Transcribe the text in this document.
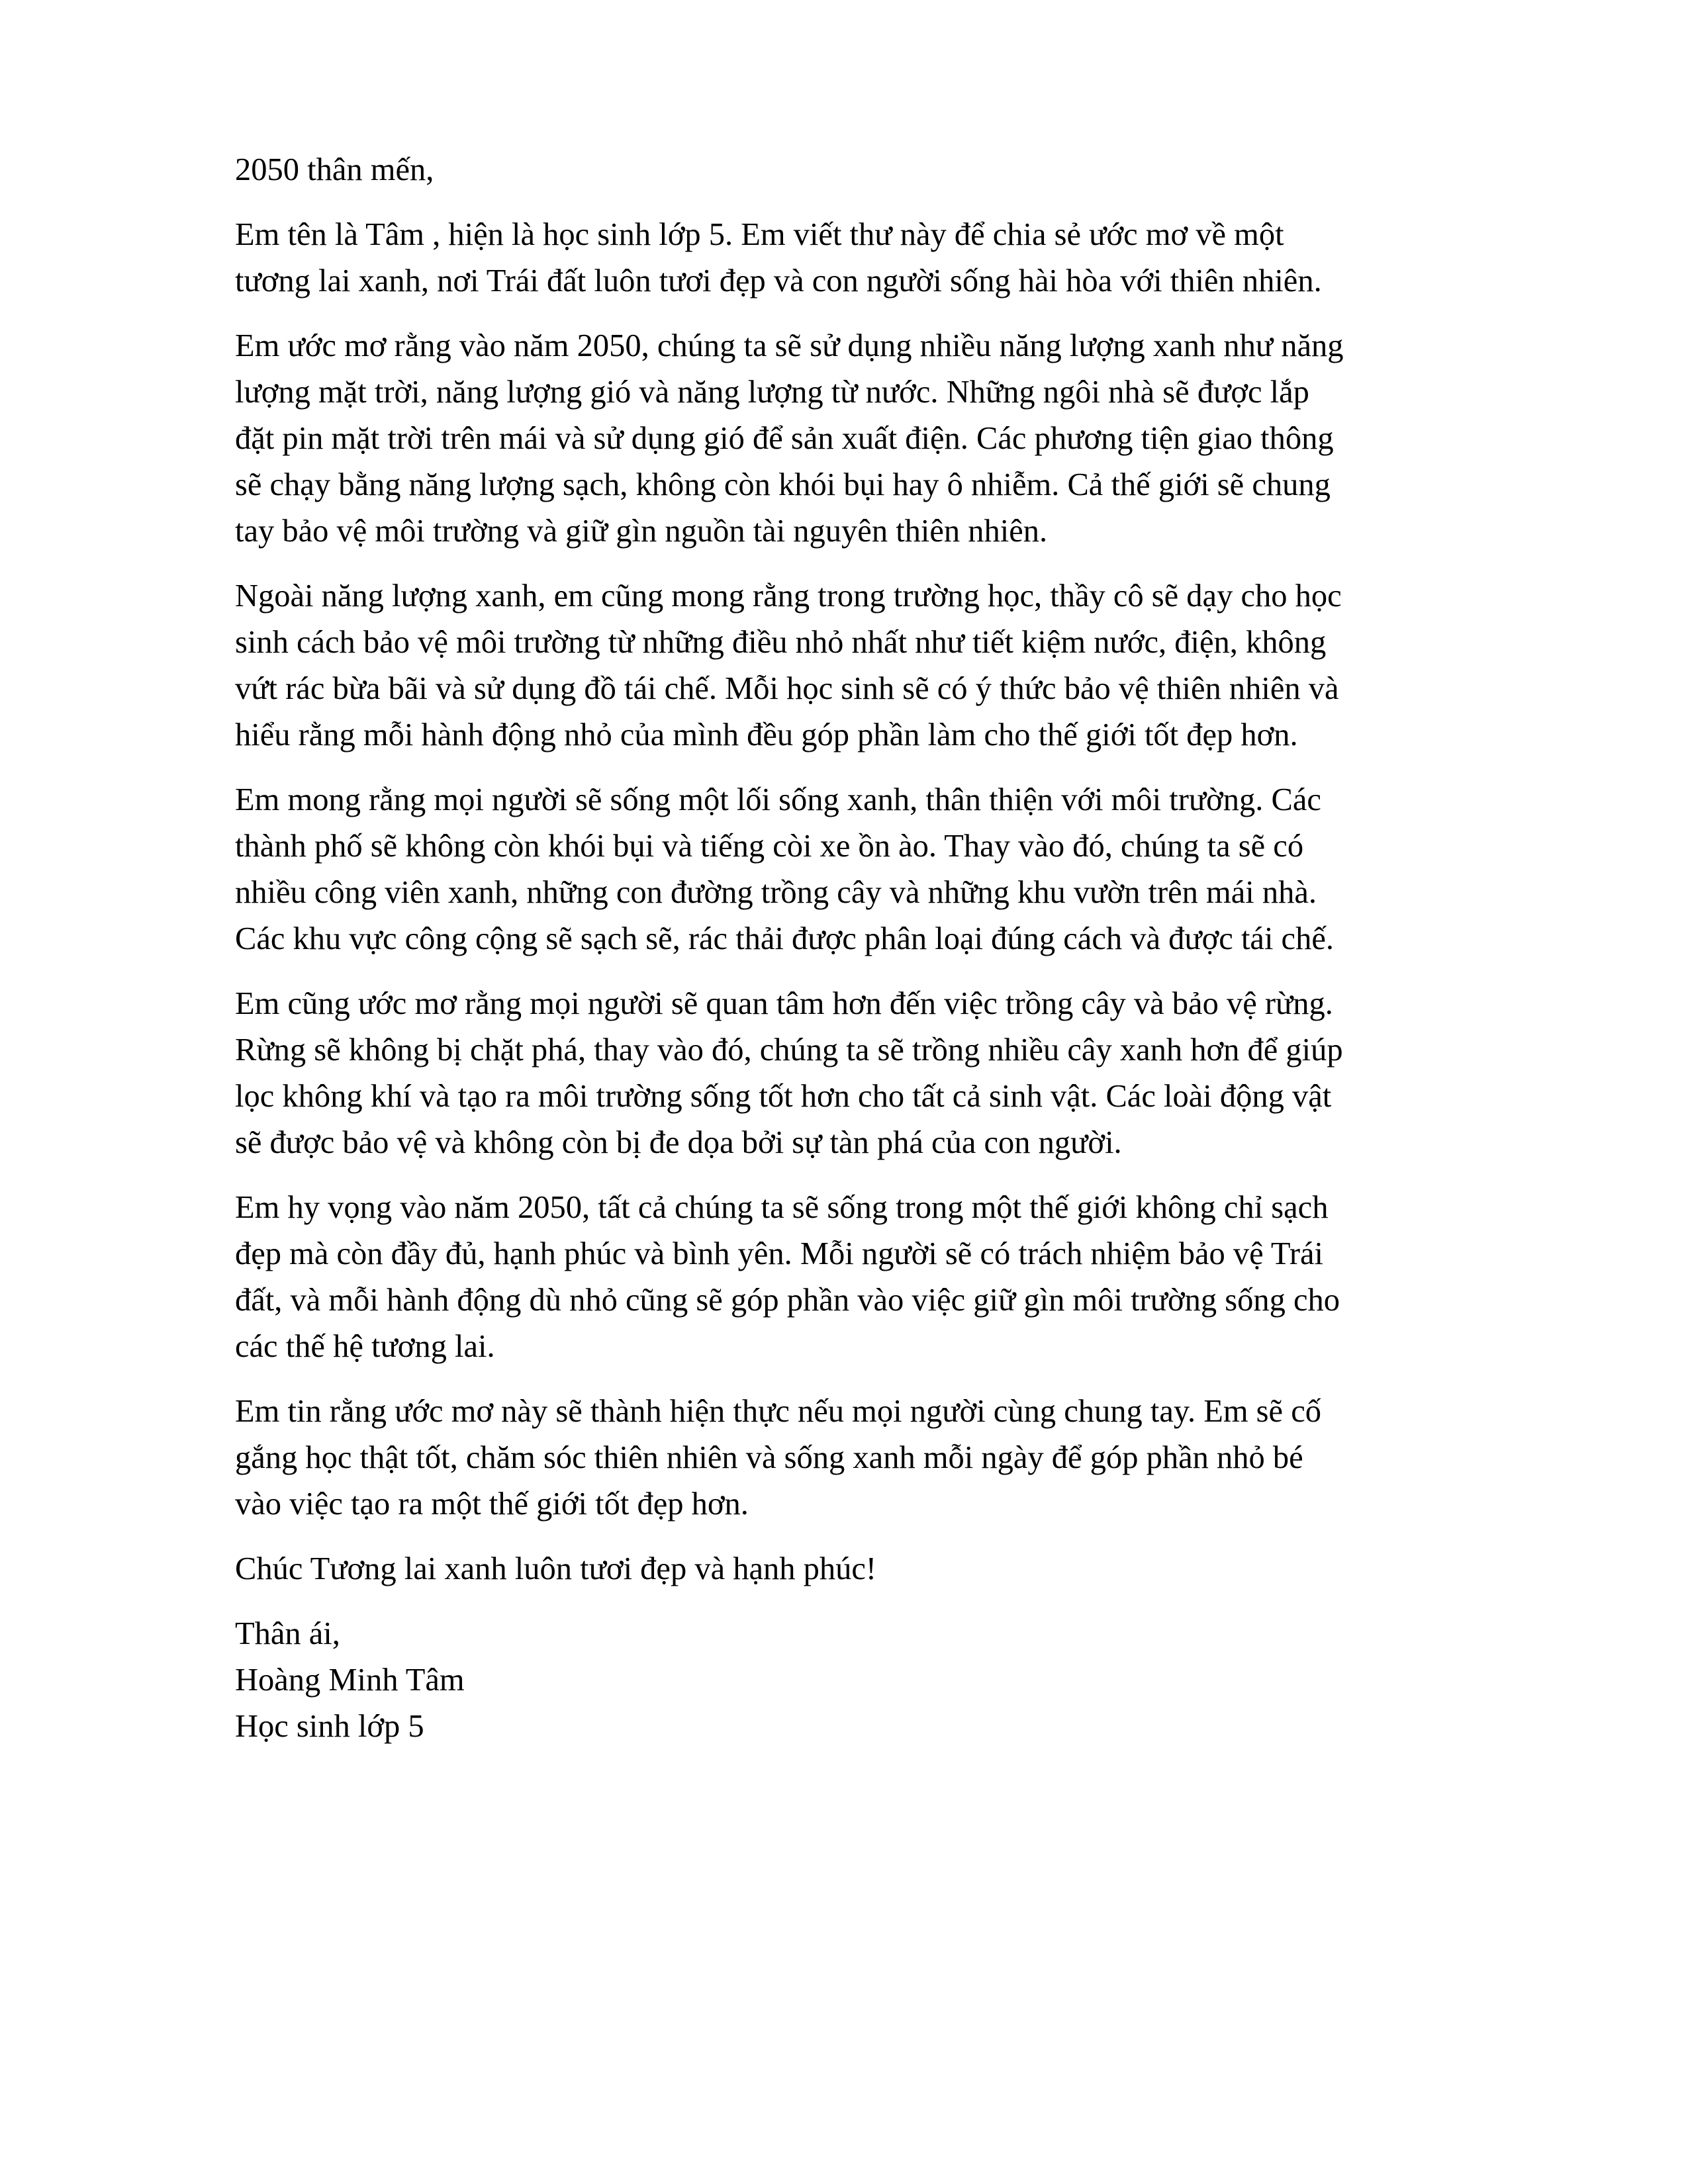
2050 thân mến,

Em tên là Tâm , hiện là học sinh lớp 5. Em viết thư này để chia sẻ ước mơ về một
tương lai xanh, nơi Trái đất luôn tươi đẹp và con người sống hài hòa với thiên nhiên.

Em ước mơ rằng vào năm 2050, chúng ta sẽ sử dụng nhiều năng lượng xanh như năng
lượng mặt trời, năng lượng gió và năng lượng từ nước. Những ngôi nhà sẽ được lắp
đặt pin mặt trời trên mái và sử dụng gió để sản xuất điện. Các phương tiện giao thông
sẽ chạy bằng năng lượng sạch, không còn khói bụi hay ô nhiễm. Cả thế giới sẽ chung
tay bảo vệ môi trường và giữ gìn nguồn tài nguyên thiên nhiên.

Ngoài năng lượng xanh, em cũng mong rằng trong trường học, thầy cô sẽ dạy cho học
sinh cách bảo vệ môi trường từ những điều nhỏ nhất như tiết kiệm nước, điện, không
vứt rác bừa bãi và sử dụng đồ tái chế. Mỗi học sinh sẽ có ý thức bảo vệ thiên nhiên và
hiểu rằng mỗi hành động nhỏ của mình đều góp phần làm cho thế giới tốt đẹp hơn.

Em mong rằng mọi người sẽ sống một lối sống xanh, thân thiện với môi trường. Các
thành phố sẽ không còn khói bụi và tiếng còi xe ồn ào. Thay vào đó, chúng ta sẽ có
nhiều công viên xanh, những con đường trồng cây và những khu vườn trên mái nhà.
Các khu vực công cộng sẽ sạch sẽ, rác thải được phân loại đúng cách và được tái chế.

Em cũng ước mơ rằng mọi người sẽ quan tâm hơn đến việc trồng cây và bảo vệ rừng.
Rừng sẽ không bị chặt phá, thay vào đó, chúng ta sẽ trồng nhiều cây xanh hơn để giúp
lọc không khí và tạo ra môi trường sống tốt hơn cho tất cả sinh vật. Các loài động vật
sẽ được bảo vệ và không còn bị đe dọa bởi sự tàn phá của con người.

Em hy vọng vào năm 2050, tất cả chúng ta sẽ sống trong một thế giới không chỉ sạch
đẹp mà còn đầy đủ, hạnh phúc và bình yên. Mỗi người sẽ có trách nhiệm bảo vệ Trái
đất, và mỗi hành động dù nhỏ cũng sẽ góp phần vào việc giữ gìn môi trường sống cho
các thế hệ tương lai.

Em tin rằng ước mơ này sẽ thành hiện thực nếu mọi người cùng chung tay. Em sẽ cố
gắng học thật tốt, chăm sóc thiên nhiên và sống xanh mỗi ngày để góp phần nhỏ bé
vào việc tạo ra một thế giới tốt đẹp hơn.

Chúc Tương lai xanh luôn tươi đẹp và hạnh phúc!

Thân ái,
Hoàng Minh Tâm
Học sinh lớp 5
